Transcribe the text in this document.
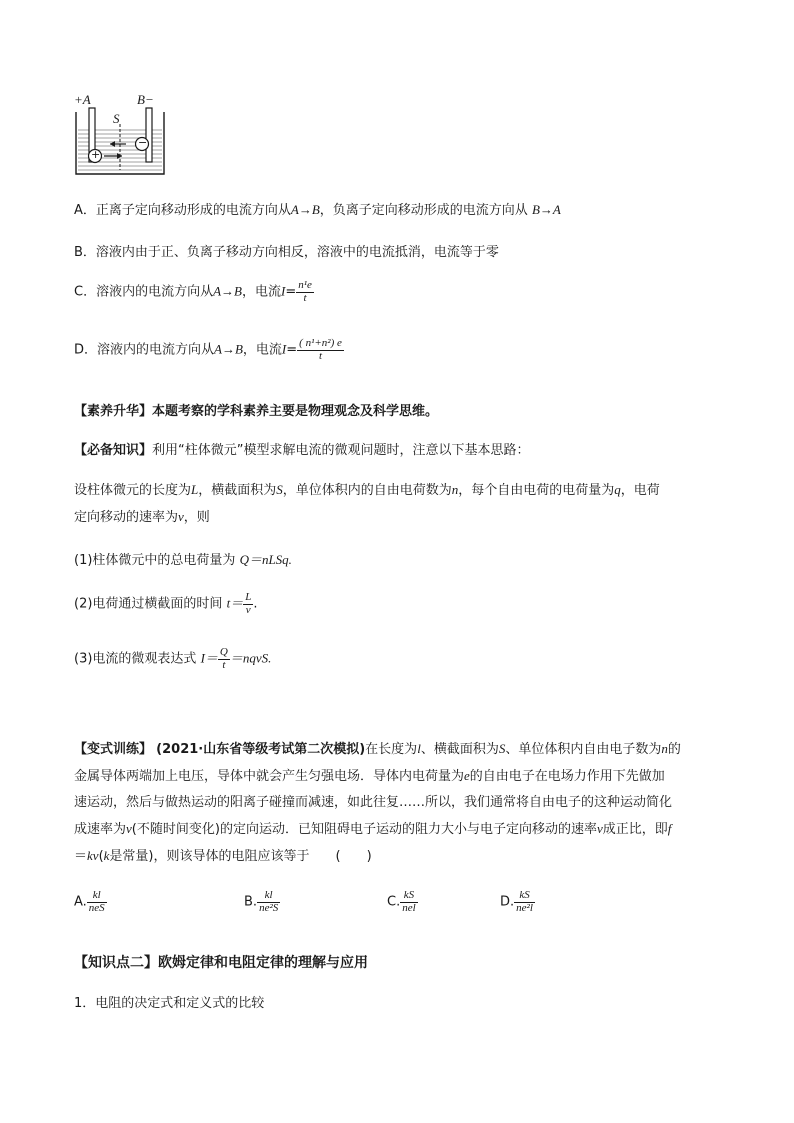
+A	B−
S
+
−
A．正离子定向移动形成的电流方向从A→B，负离子定向移动形成的电流方向从 B→A
B．溶液内由于正、负离子移动方向相反，溶液中的电流抵消，电流等于零
C．溶液内的电流方向从A→B，电流$I= \frac{\text{n¹e}}{t}$
D．溶液内的电流方向从A→B，电流$I= \frac{\text{( n¹+n²) e}}{t}$
【素养升华】本题考察的学科素养主要是物理观念及科学思维。
【必备知识】利用“柱体微元”模型求解电流的微观问题时，注意以下基本思路：
设柱体微元的长度为L，横截面积为S，单位体积内的自由电荷数为n，每个自由电荷的电荷量为q，电荷
定向移动的速率为v，则
(1)柱体微元中的总电荷量为 Q＝nLSq.
(2)电荷通过横截面的时间 $t= \frac{L}{v}$ .
(3)电流的微观表达式 $I= \frac{Q}{t}$ ＝nqvS.
【变式训练】 (2021·山东省等级考试第二次模拟)在长度为l、横截面积为S、单位体积内自由电子数为n的
金属导体两端加上电压，导体中就会产生匀强电场．导体内电荷量为e的自由电子在电场力作用下先做加
速运动，然后与做热运动的阳离子碰撞而减速，如此往复……所以，我们通常将自由电子的这种运动简化
成速率为v(不随时间变化)的定向运动．已知阻碍电子运动的阻力大小与电子定向移动的速率v成正比，即f
＝kv(k是常量)，则该导体的电阻应该等于　　(　　)
A. $\frac{kl}{\text{neS}}$	B. $\frac{kl}{\text{ne²S}}$	C. $\frac{kS}{\text{nel}}$	D. $\frac{kS}{\text{ne²l}}$
【知识点二】欧姆定律和电阻定律的理解与应用
1．电阻的决定式和定义式的比较
